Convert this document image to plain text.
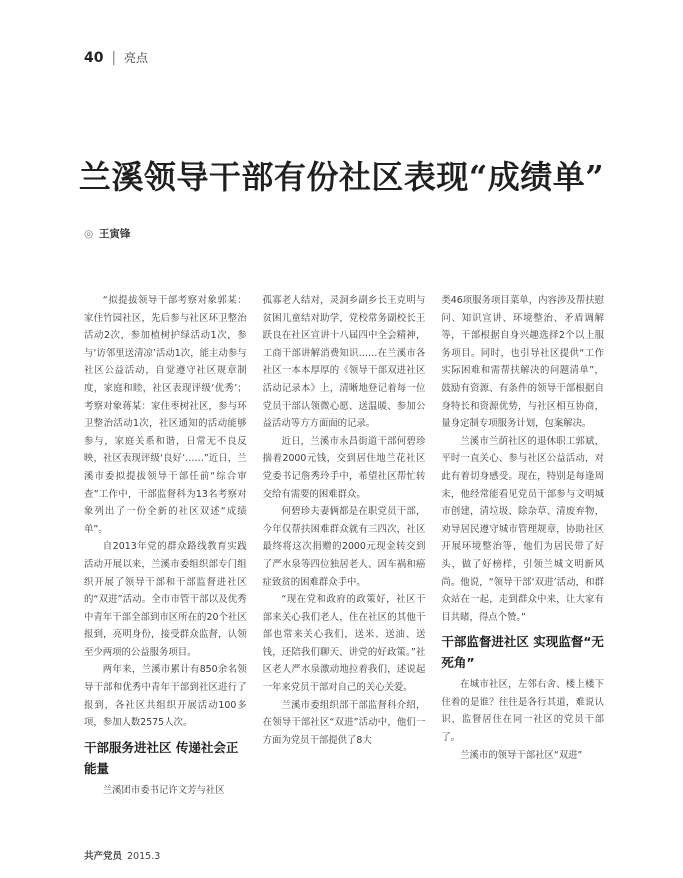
40 | 亮点
兰溪领导干部有份社区表现“成绩单”
◎ 王寅锋

“拟提拔领导干部考察对象郭某：家住竹园社区，先后参与社区环卫整治活动2次，参加植树护绿活动1次，参与‘访邻里送清凉’活动1次，能主动参与社区公益活动，自觉遵守社区规章制度，家庭和睦，社区表现评级‘优秀’；考察对象蒋某：家住枣树社区，参与环卫整治活动1次，社区通知的活动能够参与，家庭关系和谐，日常无不良反映，社区表现评级‘良好’……”近日，兰溪市委拟提拔领导干部任前“综合审查”工作中，干部监督科为13名考察对象列出了一份全新的社区双述“成绩单”。

自2013年党的群众路线教育实践活动开展以来，兰溪市委组织部专门组织开展了领导干部和干部监督进社区的“双进”活动。全市市管干部以及优秀中青年干部全部到市区所在的20个社区报到，亮明身份，接受群众监督，认领至少两项的公益服务项目。

两年来，兰溪市累计有850余名领导干部和优秀中青年干部到社区进行了报到，各社区共组织开展活动100多项，参加人数2575人次。

干部服务进社区 传递社会正能量

兰溪团市委书记许文芳与社区

孤寡老人结对，灵洞乡副乡长王克明与贫困儿童结对助学，党校常务副校长王跃良在社区宣讲十八届四中全会精神，工商干部讲解消费知识……在兰溪市各社区一本本厚厚的《领导干部双进社区活动记录本》上，清晰地登记着每一位党员干部认领微心愿、送温暖、参加公益活动等方方面面的记录。

近日，兰溪市永昌街道干部何碧珍揣着2000元钱，交到居住地兰花社区党委书记詹秀玲手中，希望社区帮忙转交给有需要的困难群众。

何碧珍夫妻俩都是在职党员干部，今年仅帮扶困难群众就有三四次，社区最终将这次捐赠的2000元现金转交到了严水泉等四位独居老人、因车祸和癌症致贫的困难群众手中。

“现在党和政府的政策好，社区干部来关心我们老人，住在社区的其他干部也常来关心我们，送米、送油、送钱，还陪我们聊天、讲党的好政策。”社区老人严水泉激动地拉着我们，述说起一年来党员干部对自己的关心关爱。

兰溪市委组织部干部监督科介绍，在领导干部社区“双进”活动中，他们一方面为党员干部提供了8大

类46项服务项目菜单，内容涉及帮扶慰问、知识宣讲、环境整治、矛盾调解等，干部根据自身兴趣选择2个以上服务项目。同时，也引导社区提供“工作实际困难和需帮扶解决的问题清单”，鼓励有资源、有条件的领导干部根据自身特长和资源优势，与社区相互协商，量身定制专项服务计划，包案解决。

兰溪市兰荫社区的退休职工郭斌，平时一直关心、参与社区公益活动，对此有着切身感受。现在，特别是每逢周末，他经常能看见党员干部参与文明城市创建，清垃圾、除杂草、清废弃物，劝导居民遵守城市管理规章，协助社区开展环境整治等，他们为居民带了好头，做了好榜样，引领兰城文明新风尚。他说，“领导干部‘双进’活动，和群众站在一起，走到群众中来，让大家有目共睹，得点个赞。”

干部监督进社区 实现监督“无死角”

在城市社区，左邻右舍、楼上楼下住着的是谁？往往是各行其道，难说认识，监督居住在同一社区的党员干部了。

兰溪市的领导干部社区“双进”

共产党员 2015.3
